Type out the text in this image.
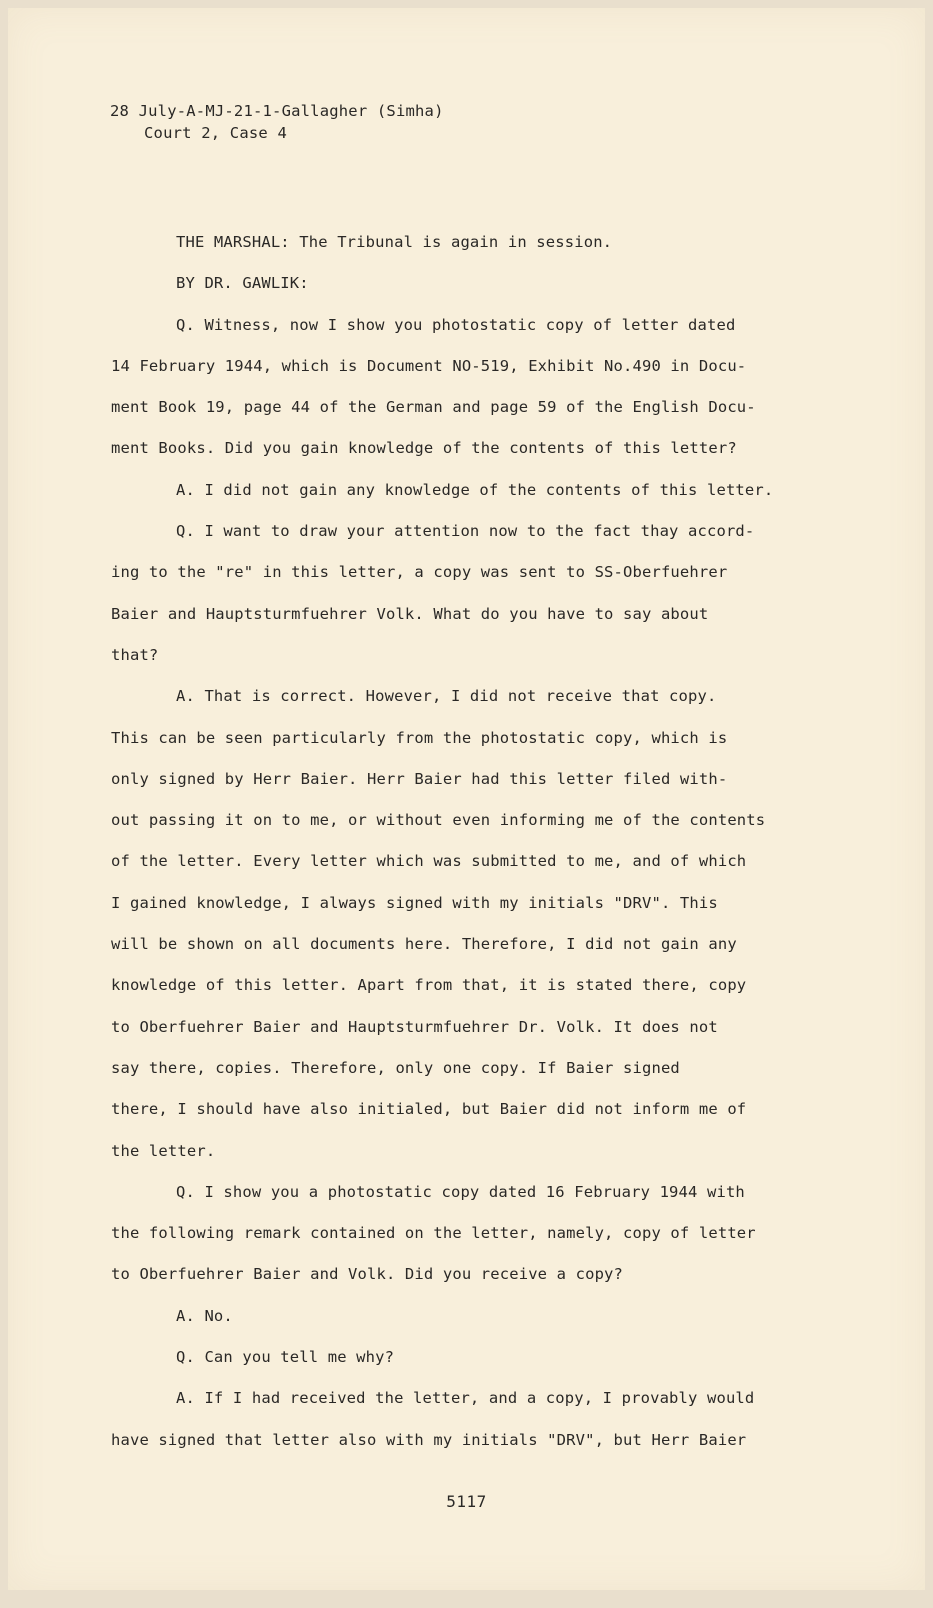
28 July-A-MJ-21-1-Gallagher (Simha)
Court 2, Case 4
THE MARSHAL: The Tribunal is again in session.
BY DR. GAWLIK:
Q. Witness, now I show you photostatic copy of letter dated
14 February 1944, which is Document NO-519, Exhibit No.490 in Docu-
ment Book 19, page 44 of the German and page 59 of the English Docu-
ment Books. Did you gain knowledge of the contents of this letter?
A. I did not gain any knowledge of the contents of this letter.
Q. I want to draw your attention now to the fact thay accord-
ing to the "re" in this letter, a copy was sent to SS-Oberfuehrer
Baier and Hauptsturmfuehrer Volk. What do you have to say about
that?
A. That is correct. However, I did not receive that copy.
This can be seen particularly from the photostatic copy, which is
only signed by Herr Baier. Herr Baier had this letter filed with-
out passing it on to me, or without even informing me of the contents
of the letter. Every letter which was submitted to me, and of which
I gained knowledge, I always signed with my initials "DRV". This
will be shown on all documents here. Therefore, I did not gain any
knowledge of this letter. Apart from that, it is stated there, copy
to Oberfuehrer Baier and Hauptsturmfuehrer Dr. Volk. It does not
say there, copies. Therefore, only one copy. If Baier signed
there, I should have also initialed, but Baier did not inform me of
the letter.
Q. I show you a photostatic copy dated 16 February 1944 with
the following remark contained on the letter, namely, copy of letter
to Oberfuehrer Baier and Volk. Did you receive a copy?
A. No.
Q. Can you tell me why?
A. If I had received the letter, and a copy, I provably would
have signed that letter also with my initials "DRV", but Herr Baier
5117
